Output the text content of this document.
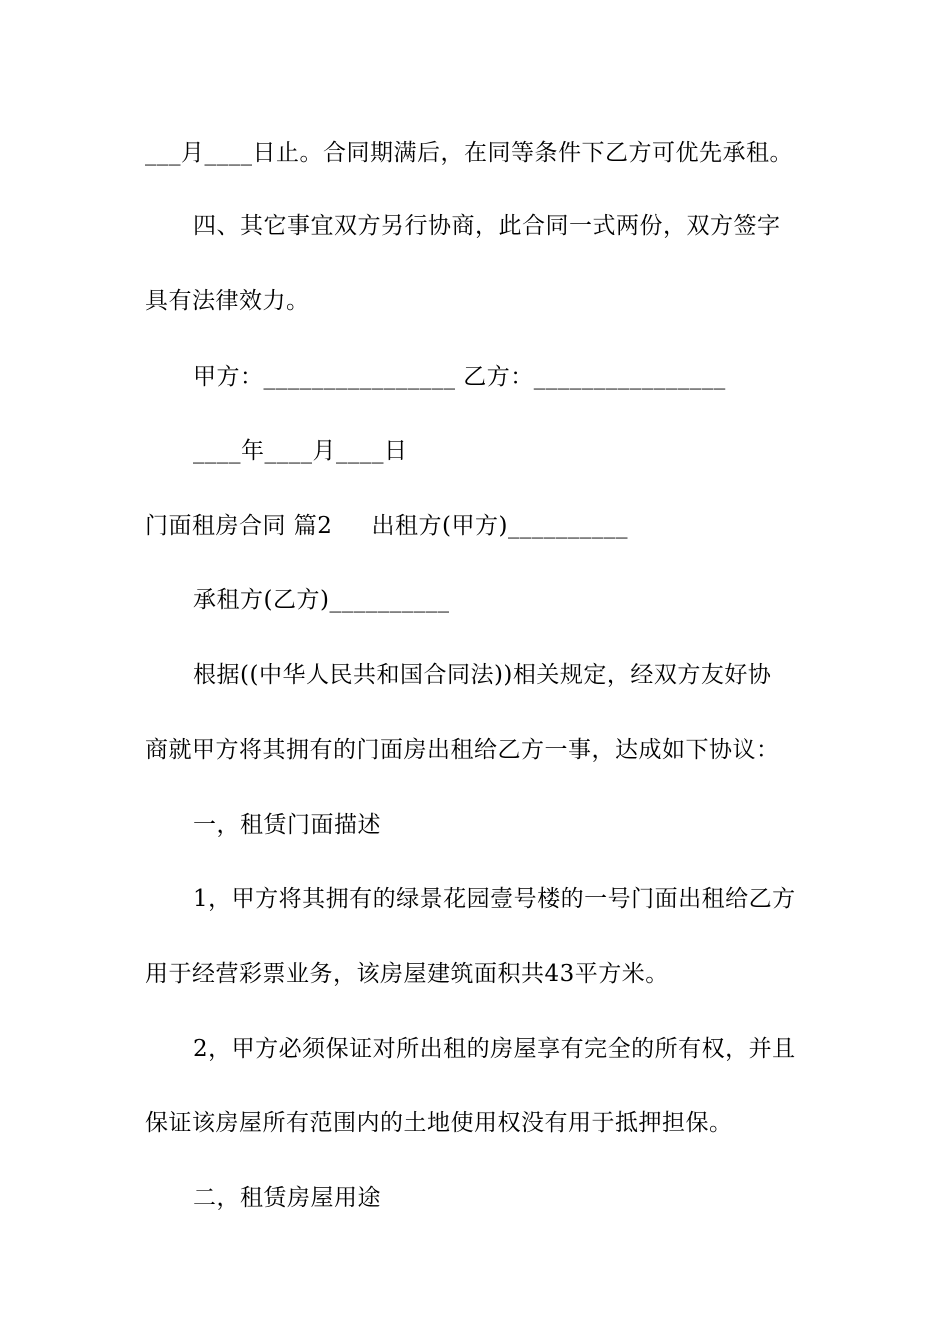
___月____日止。合同期满后，在同等条件下乙方可优先承租。
四、其它事宜双方另行协商，此合同一式两份，双方签字
具有法律效力。
甲方：________________ 乙方：________________
____年____月____日
门面租房合同 篇2     出租方(甲方)__________
承租方(乙方)__________
根据((中华人民共和国合同法))相关规定，经双方友好协
商就甲方将其拥有的门面房出租给乙方一事，达成如下协议：
一，租赁门面描述
1，甲方将其拥有的绿景花园壹号楼的一号门面出租给乙方
用于经营彩票业务，该房屋建筑面积共43平方米。
2，甲方必须保证对所出租的房屋享有完全的所有权，并且
保证该房屋所有范围内的土地使用权没有用于抵押担保。
二，租赁房屋用途
